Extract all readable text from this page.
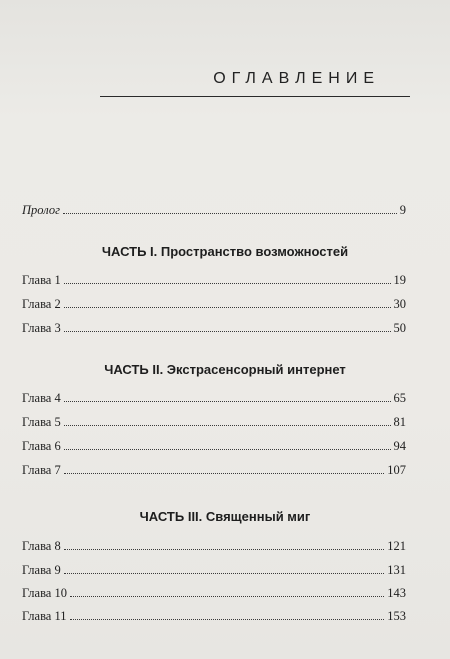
ОГЛАВЛЕНИЕ
Пролог	9
ЧАСТЬ I. Пространство возможностей
Глава 1	19
Глава 2	30
Глава 3	50
ЧАСТЬ II. Экстрасенсорный интернет
Глава 4	65
Глава 5	81
Глава 6	94
Глава 7	107
ЧАСТЬ III. Священный миг
Глава 8	121
Глава 9	131
Глава 10	143
Глава 11	153
